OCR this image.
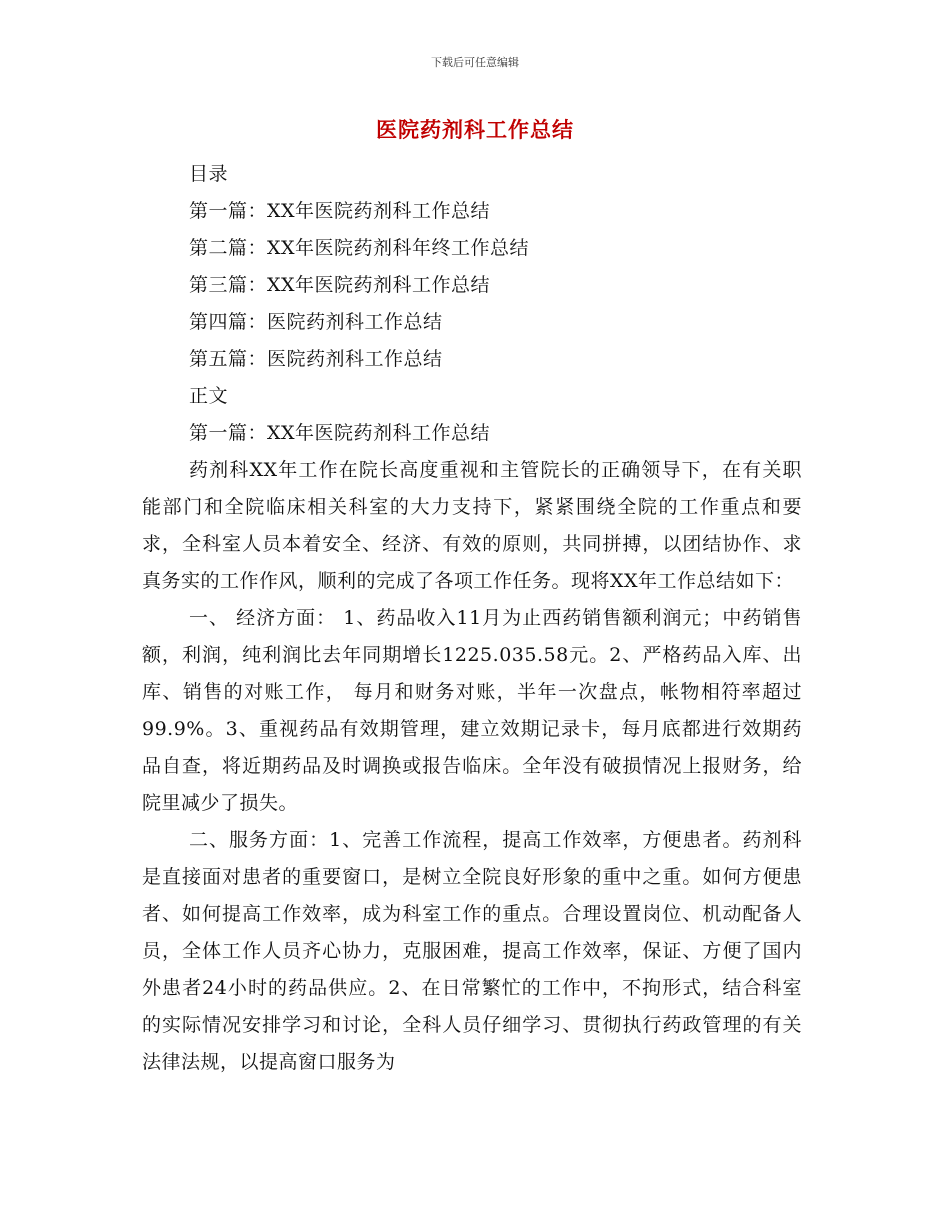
下载后可任意编辑
医院药剂科工作总结
目录
第一篇：XX年医院药剂科工作总结
第二篇：XX年医院药剂科年终工作总结
第三篇：XX年医院药剂科工作总结
第四篇：医院药剂科工作总结
第五篇：医院药剂科工作总结
正文
第一篇：XX年医院药剂科工作总结

药剂科XX年工作在院长高度重视和主管院长的正确领导下，在有关职能部门和全院临床相关科室的大力支持下，紧紧围绕全院的工作重点和要求，全科室人员本着安全、经济、有效的原则，共同拼搏，以团结协作、求真务实的工作作风，顺利的完成了各项工作任务。现将XX年工作总结如下：

一、 经济方面： 1、药品收入11月为止西药销售额利润元；中药销售额，利润，纯利润比去年同期增长1225.035.58元。2、严格药品入库、出库、销售的对账工作， 每月和财务对账，半年一次盘点，帐物相符率超过99.9%。3、重视药品有效期管理，建立效期记录卡，每月底都进行效期药品自查，将近期药品及时调换或报告临床。全年没有破损情况上报财务，给院里减少了损失。

二、服务方面：1、完善工作流程，提高工作效率，方便患者。药剂科是直接面对患者的重要窗口，是树立全院良好形象的重中之重。如何方便患者、如何提高工作效率，成为科室工作的重点。合理设置岗位、机动配备人员，全体工作人员齐心协力，克服困难，提高工作效率，保证、方便了国内外患者24小时的药品供应。2、在日常繁忙的工作中，不拘形式，结合科室的实际情况安排学习和讨论，全科人员仔细学习、贯彻执行药政管理的有关法律法规，以提高窗口服务为
